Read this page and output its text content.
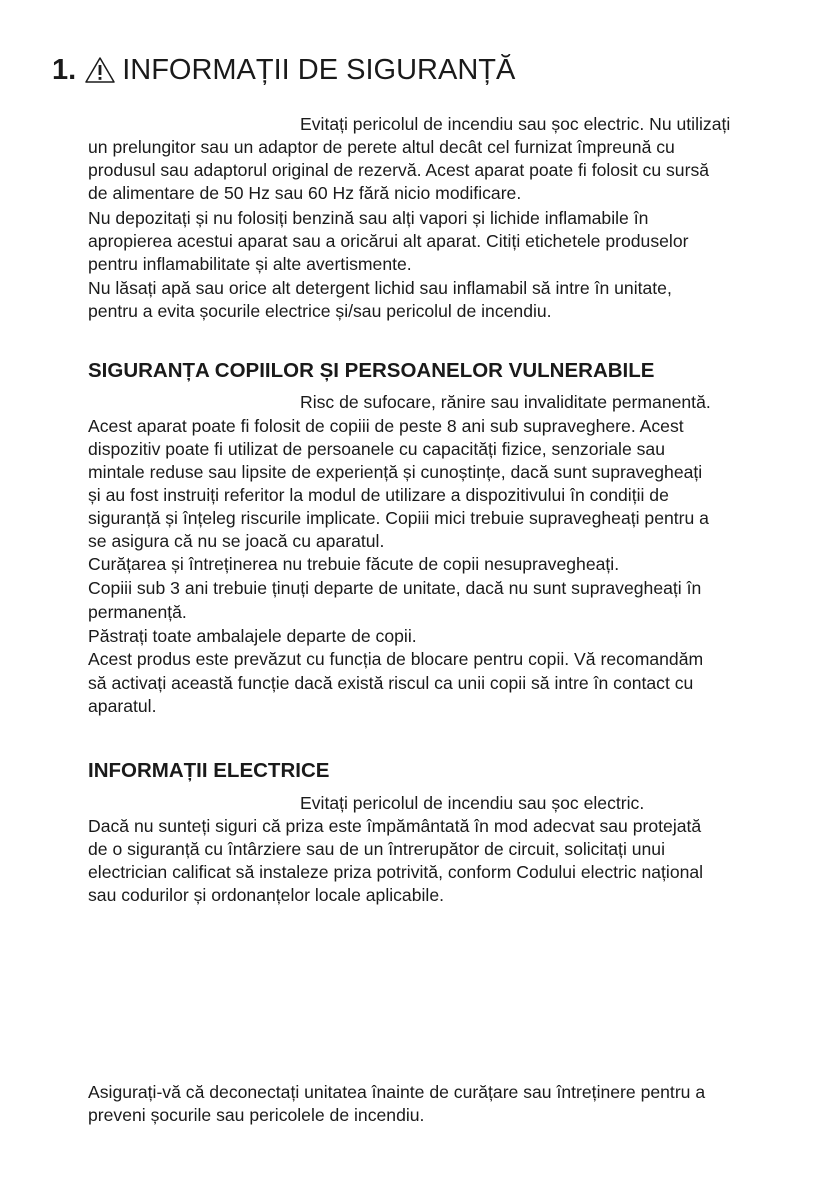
1. INFORMAȚII DE SIGURANȚĂ
Evitați pericolul de incendiu sau șoc electric. Nu utilizați
un prelungitor sau un adaptor de perete altul decât cel furnizat împreună cu
produsul sau adaptorul original de rezervă. Acest aparat poate fi folosit cu sursă
de alimentare de 50 Hz sau 60 Hz fără nicio modificare.
Nu depozitați și nu folosiți benzină sau alți vapori și lichide inflamabile în
apropierea acestui aparat sau a oricărui alt aparat. Citiți etichetele produselor
pentru inflamabilitate și alte avertismente.
Nu lăsați apă sau orice alt detergent lichid sau inflamabil să intre în unitate,
pentru a evita șocurile electrice și/sau pericolul de incendiu.
SIGURANȚA COPIILOR ȘI PERSOANELOR VULNERABILE
Risc de sufocare, rănire sau invaliditate permanentă.
Acest aparat poate fi folosit de copiii de peste 8 ani sub supraveghere. Acest
dispozitiv poate fi utilizat de persoanele cu capacități fizice, senzoriale sau
mintale reduse sau lipsite de experiență și cunoștințe, dacă sunt supravegheați
și au fost instruiți referitor la modul de utilizare a dispozitivului în condiții de
siguranță și înțeleg riscurile implicate. Copiii mici trebuie supravegheați pentru a
se asigura că nu se joacă cu aparatul.
Curățarea și întreținerea nu trebuie făcute de copii nesupravegheați.
Copiii sub 3 ani trebuie ținuți departe de unitate, dacă nu sunt supravegheați în
permanență.
Păstrați toate ambalajele departe de copii.
Acest produs este prevăzut cu funcția de blocare pentru copii. Vă recomandăm
să activați această funcție dacă există riscul ca unii copii să intre în contact cu
aparatul.
INFORMAȚII ELECTRICE
Evitați pericolul de incendiu sau șoc electric.
Dacă nu sunteți siguri că priza este împământată în mod adecvat sau protejată
de o siguranță cu întârziere sau de un întrerupător de circuit, solicitați unui
electrician calificat să instaleze priza potrivită, conform Codului electric național
sau codurilor și ordonanțelor locale aplicabile.
Asigurați-vă că deconectați unitatea înainte de curățare sau întreținere pentru a
preveni șocurile sau pericolele de incendiu.
